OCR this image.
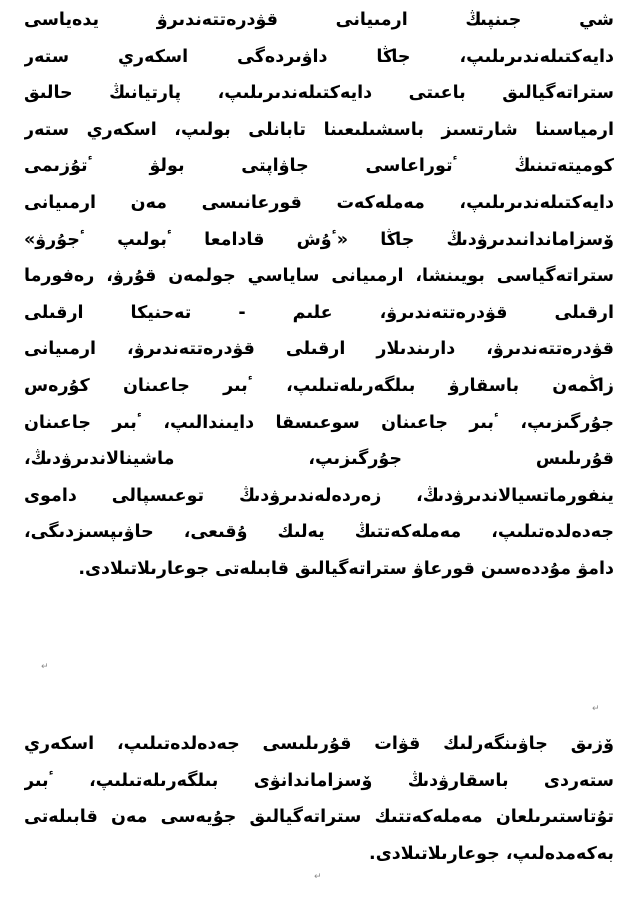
شي جىنپىڭ ارمىيانى قۋدرەتتەندىرۋ يدەياسى
دايەكتىلەندىرىلىپ، جاڭا داۋىردەگى اسكەري ستەر
ستراتەگيالىق باعىتى دايەكتىلەندىرىلىپ، پارتيانىڭ حالىق
ارمياسىنا شارتسىز باسشىلىعىنا تابانلى بولىپ، اسكەري ستەر
كوميتەتىنىڭ ٴتوراعاسى جاۋاپتى بولۋ ٴتۇزىمى
دايەكتىلەندىرىلىپ، مەملەكەت قورعانىسى مەن ارمىيانى
ۆسزاماندانىدىرۋدىڭ جاڭا «ٴۇش قادامعا ٴبولىپ ٴجۇرۋ»
ستراتەگياسى بويىنشا، ارمىيانى ساياسي جولمەن قۇرۋ، رەفورما
ارقىلى قۋدرەتتەندىرۋ، علىم - تەحنيكا ارقىلى
قۋدرەتتەندىرۋ، دارىندىلار ارقىلى قۋدرەتتەندىرۋ، ارمىيانى
زاڭمەن باسقارۋ بىلگەرىلەتىلىپ، ٴبىر جاعىنان كۇرەس
جۇرگىزىپ، ٴبىر جاعىنان سوعىسقا دايىندالىپ، ٴبىر جاعىنان
قۇرىلىس جۇرگىزىپ، ماشينالاندىرۋدىڭ،
ينفورماتسيالاندىرۋدىڭ، زەردەلەندىرۋدىڭ توعىسپالى داموى
جەدەلدەتىلىپ، مەملەكەتتىڭ يەلىك ۇقىعى، حاۋىپسىزدىگى،
دامۋ مۇددەسىن قورعاۋ ستراتەگيالىق قابىلەتى جوعارىلاتىلادى.
↵
↵
ۆزىق جاۋىنگەرلىك قۋات قۇرىلىسى جەدەلدەتىلىپ، اسكەري
ستەردى باسقارۋدىڭ ۆسزاماندانۋى بىلگەرىلەتىلىپ، ٴبىر
تۇتاستىرىلعان مەملەكەتتىك ستراتەگيالىق جۇيەسى مەن قابىلەتى
بەكەمدەلىپ، جوعارىلاتىلادى.
↵
